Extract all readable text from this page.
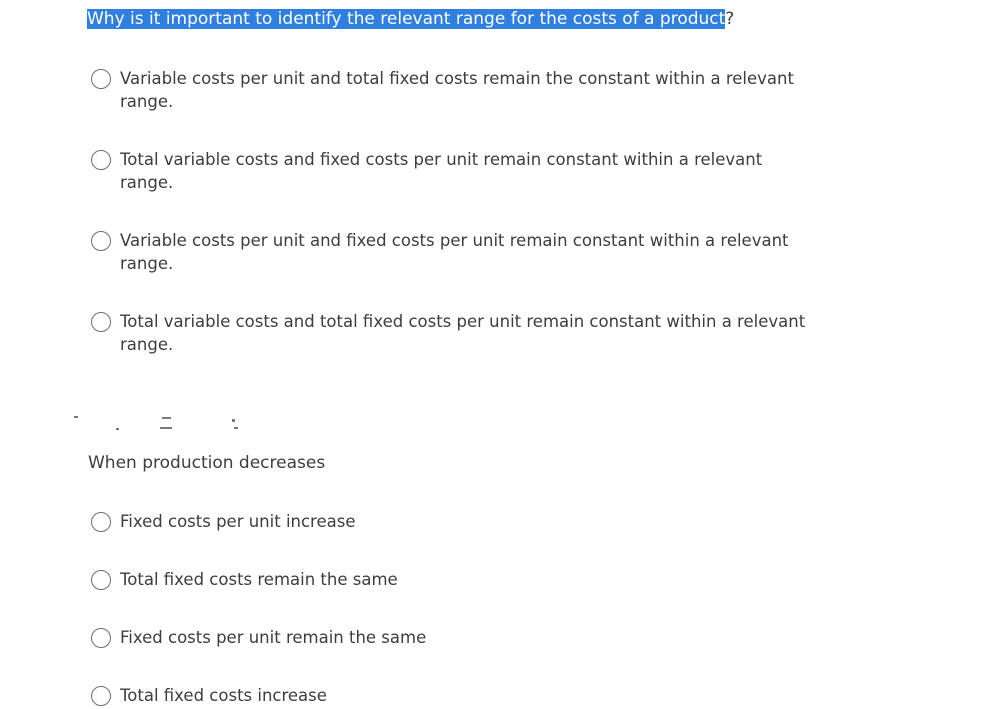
Why is it important to identify the relevant range for the costs of a product?
Variable costs per unit and total fixed costs remain the constant within a relevant range.
Total variable costs and fixed costs per unit remain constant within a relevant range.
Variable costs per unit and fixed costs per unit remain constant within a relevant range.
Total variable costs and total fixed costs per unit remain constant within a relevant range.
When production decreases
Fixed costs per unit increase
Total fixed costs remain the same
Fixed costs per unit remain the same
Total fixed costs increase
